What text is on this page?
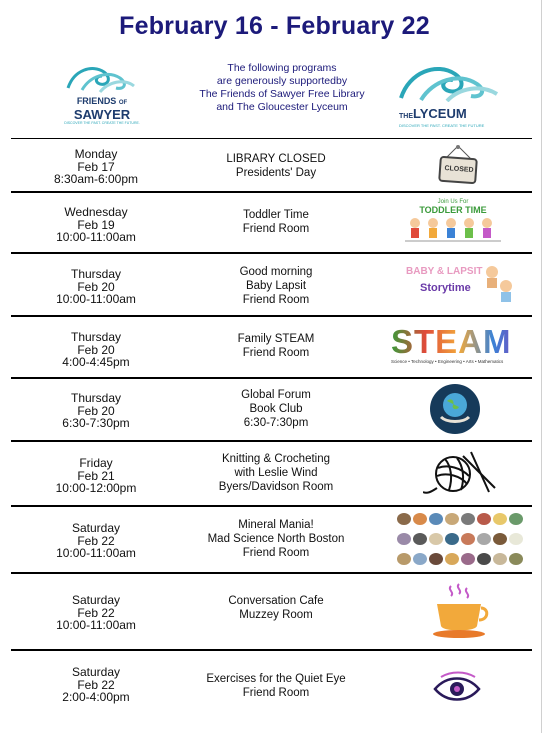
February 16 - February 22
FRIENDS OF
SAWYER
DISCOVER THE PAST. CREATE THE FUTURE.
The following programs
are generously supportedby
The Friends of Sawyer Free Library
and The Gloucester Lyceum
THELYCEUM
DISCOVER THE PAST. CREATE THE FUTURE
Monday
Feb 17
8:30am-6:00pm
LIBRARY CLOSED
Presidents' Day	CLOSED
Wednesday
Feb 19
10:00-11:00am
Toddler Time
Friend Room
Join Us For
TODDLER TIME
Thursday
Feb 20
10:00-11:00am
Good morning
Baby Lapsit
Friend Room
BABY & LAPSIT
Storytime
Thursday
Feb 20
4:00-4:45pm
Family STEAM
Friend Room	STEAM
Science • Technology • Engineering • Arts • Mathematics
Thursday
Feb 20
6:30-7:30pm
Global Forum
Book Club
6:30-7:30pm
Friday
Feb 21
10:00-12:00pm
Knitting & Crocheting
with Leslie Wind
Byers/Davidson Room
Saturday
Feb 22
10:00-11:00am
Mineral Mania!
Mad Science North Boston
Friend Room
Saturday
Feb 22
10:00-11:00am
Conversation Cafe
Muzzey Room
Saturday
Feb 22
2:00-4:00pm
Exercises for the Quiet Eye
Friend Room
